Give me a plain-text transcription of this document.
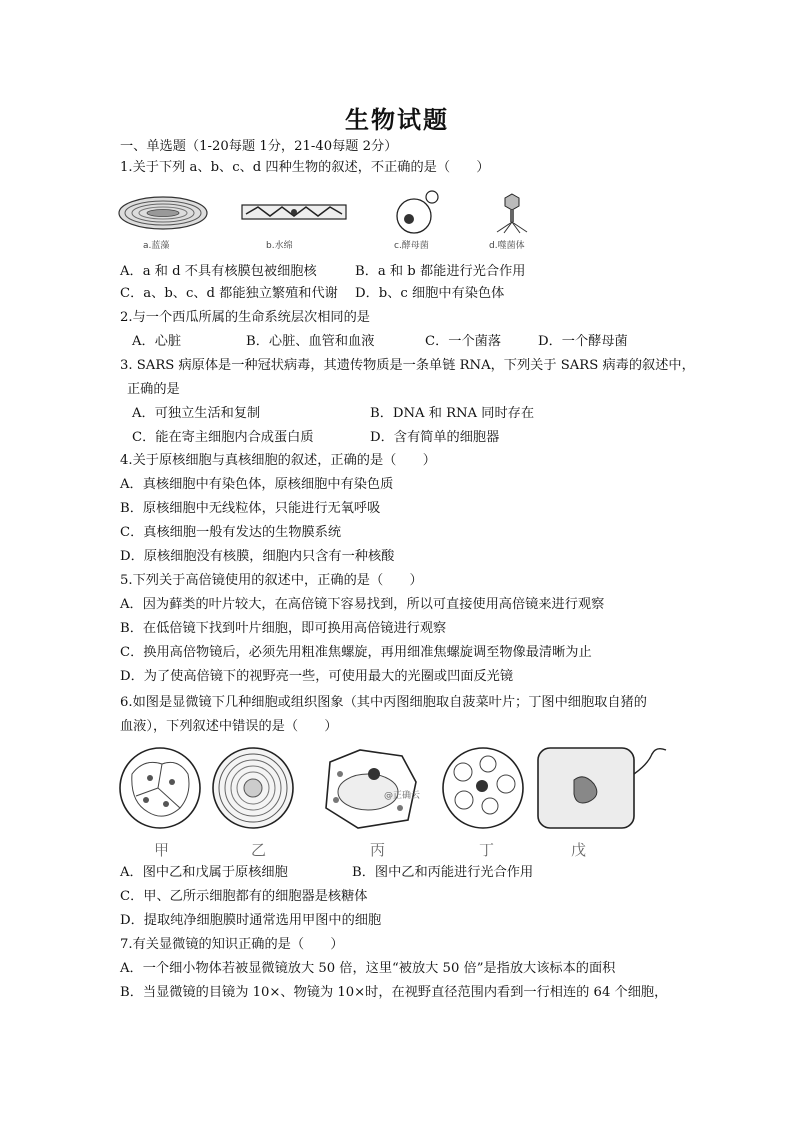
生物试题
一、单选题（1-20每题 1分，21-40每题 2分）
1.关于下列 a、b、c、d 四种生物的叙述，不正确的是（　　）
a.蓝藻	b.水绵	c.酵母菌	d.噬菌体
A．a 和 d 不具有核膜包被细胞核	B．a 和 b 都能进行光合作用
C．a、b、c、d 都能独立繁殖和代谢 D．b、c 细胞中有染色体
2.与一个西瓜所属的生命系统层次相同的是
A．心脏	B．心脏、血管和血液	C．一个菌落	D．一个酵母菌
3. SARS 病原体是一种冠状病毒，其遗传物质是一条单链 RNA，下列关于 SARS 病毒的叙述中，
正确的是
A．可独立生活和复制	B．DNA 和 RNA 同时存在
C．能在寄主细胞内合成蛋白质	D．含有简单的细胞器
4.关于原核细胞与真核细胞的叙述，正确的是（　　）
A．真核细胞中有染色体，原核细胞中有染色质
B．原核细胞中无线粒体，只能进行无氧呼吸
C．真核细胞一般有发达的生物膜系统
D．原核细胞没有核膜，细胞内只含有一种核酸
5.下列关于高倍镜使用的叙述中，正确的是（　　）
A．因为藓类的叶片较大，在高倍镜下容易找到，所以可直接使用高倍镜来进行观察
B．在低倍镜下找到叶片细胞，即可换用高倍镜进行观察
C．换用高倍物镜后，必须先用粗准焦螺旋，再用细准焦螺旋调至物像最清晰为止
D．为了使高倍镜下的视野亮一些，可使用最大的光圈或凹面反光镜
6.如图是显微镜下几种细胞或组织图象（其中丙图细胞取自菠菜叶片；丁图中细胞取自猪的
血液），下列叙述中错误的是（　　）
@正确云
甲	乙	丙	丁	戊
A．图中乙和戊属于原核细胞	B．图中乙和丙能进行光合作用
C．甲、乙所示细胞都有的细胞器是核糖体
D．提取纯净细胞膜时通常选用甲图中的细胞
7.有关显微镜的知识正确的是（　　）
A．一个细小物体若被显微镜放大 50 倍，这里“被放大 50 倍”是指放大该标本的面积
B．当显微镜的目镜为 10×、物镜为 10×时，在视野直径范围内看到一行相连的 64 个细胞，
